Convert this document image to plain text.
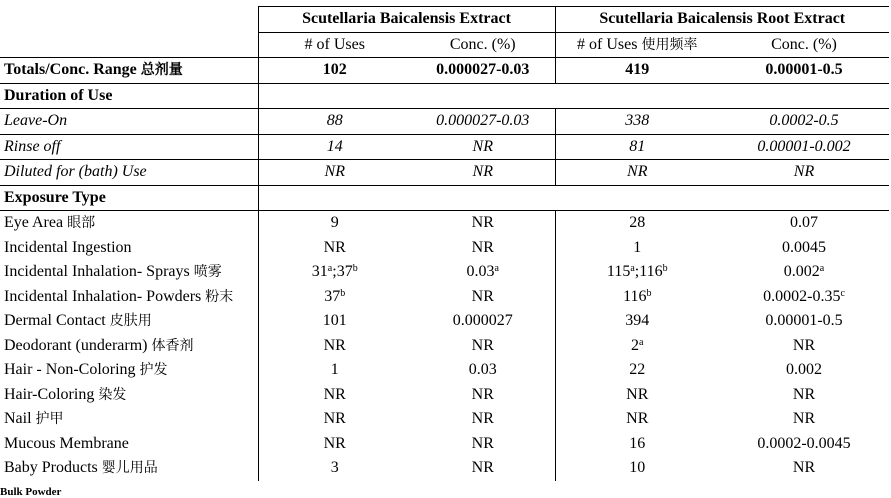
	Scutellaria Baicalensis Extract		Scutellaria Baicalensis Root Extract	
	# of Uses	Conc. (%)	# of Uses 使用频率	Conc. (%)
Totals/Conc. Range 总剂量	102	0.000027-0.03	419	0.00001-0.5
Duration of Use				
Leave-On	88	0.000027-0.03	338	0.0002-0.5
Rinse off	14	NR	81	0.00001-0.002
Diluted for (bath) Use	NR	NR	NR	NR
Exposure Type				
Eye Area 眼部	9	NR	28	0.07
Incidental Ingestion	NR	NR	1	0.0045
Incidental Inhalation- Sprays 喷雾	31$^a$;37$^b$	0.03$^a$	115$^a$;116$^b$	0.002$^a$
Incidental Inhalation- Powders 粉末	37$^b$	NR	116$^b$	0.0002-0.35$^c$
Dermal Contact 皮肤用	101	0.000027	394	0.00001-0.5
Deodorant (underarm) 体香剂	NR	NR	2$^a$	NR
Hair - Non-Coloring 护发	1	0.03	22	0.002
Hair-Coloring 染发	NR	NR	NR	NR
Nail 护甲	NR	NR	NR	NR
Mucous Membrane	NR	NR	16	0.0002-0.0045
Baby Products 婴儿用品	3	NR	10	NR
Bulk Powder
